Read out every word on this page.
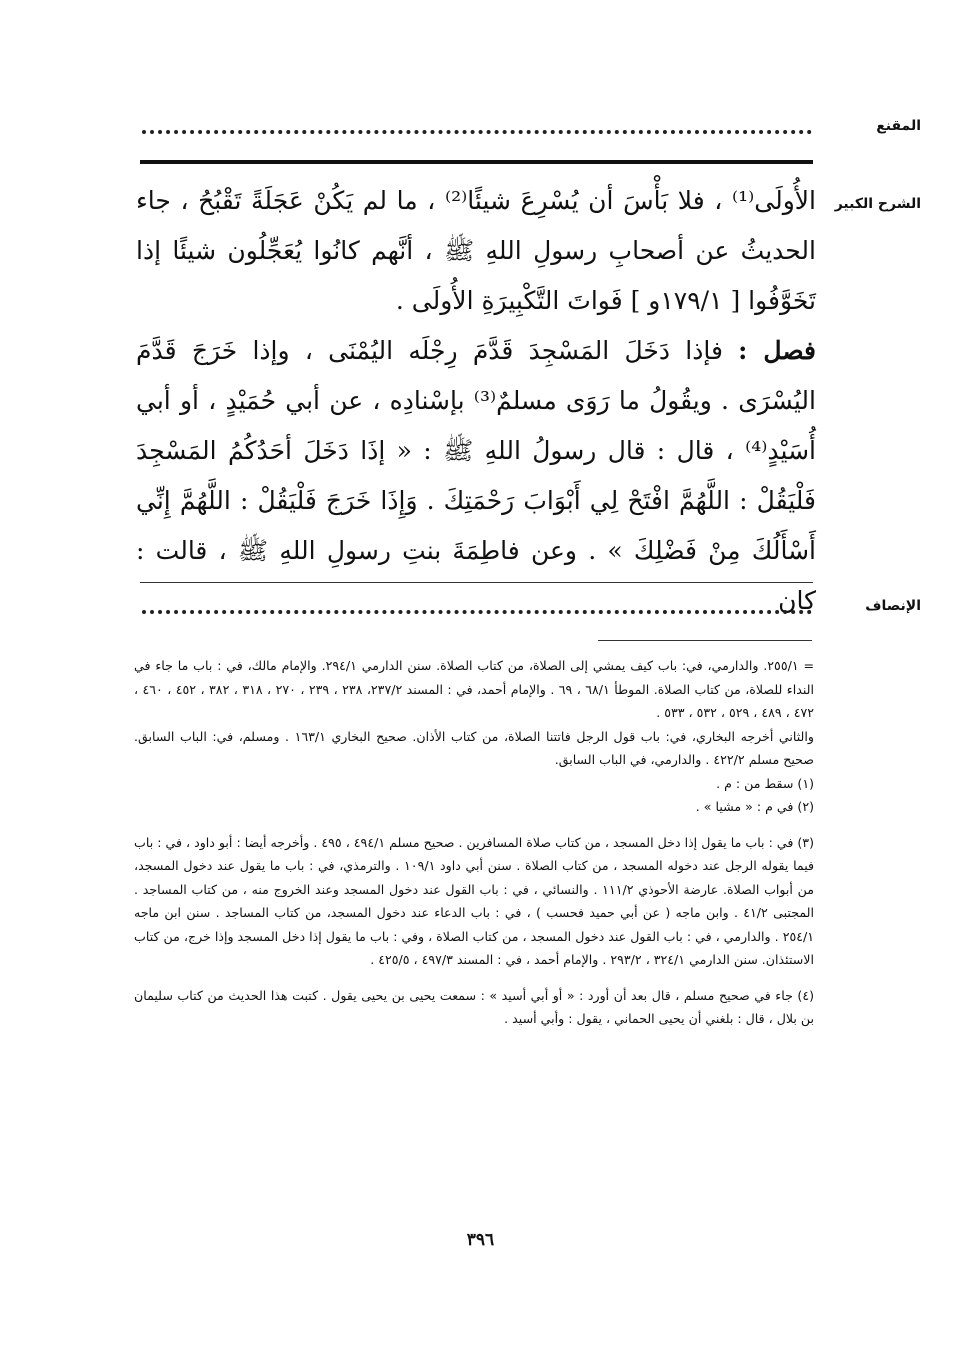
المقنع
الشرح الكبير

الأُولَى⁽¹⁾ ، فلا بَأْسَ أن يُسْرِعَ شيئًا⁽²⁾ ، ما لم يَكُنْ عَجَلَةً تَقْبُحُ ، جاء الحديثُ عن أصحابِ رسولِ اللهِ ﷺ ، أنَّهم كانُوا يُعَجِّلُون شيئًا إذا تَخَوَّفُوا [ ١٧٩/١و ] فَواتَ التَّكْبِيرَةِ الأُولَى .

فصل : فإذا دَخَلَ المَسْجِدَ قَدَّمَ رِجْلَه اليُمْنَى ، وإذا خَرَجَ قَدَّمَ اليُسْرَى . ويقُولُ ما رَوَى مسلمٌ⁽³⁾ بإسْنادِه ، عن أبي حُمَيْدٍ ، أو أبي أُسَيْدٍ⁽⁴⁾ ، قال : قال رسولُ اللهِ ﷺ : « إذَا دَخَلَ أحَدُكُمُ المَسْجِدَ فَلْيَقُلْ : اللَّهُمَّ افْتَحْ لِي أَبْوَابَ رَحْمَتِكَ . وَإِذَا خَرَجَ فَلْيَقُلْ : اللَّهُمَّ إِنِّي أَسْأَلُكَ مِنْ فَضْلِكَ » . وعن فاطِمَةَ بنتِ رسولِ اللهِ ﷺ ، قالت : كان	الإنصاف

= ٢٥٥/١. والدارمي، في: باب كيف يمشي إلى الصلاة، من كتاب الصلاة. سنن الدارمي ٢٩٤/١. والإمام مالك، في : باب ما جاء في النداء للصلاة، من كتاب الصلاة. الموطأ ٦٨/١ ، ٦٩ . والإمام أحمد، في : المسند ٢٣٧/٢، ٢٣٨ ، ٢٣٩ ، ٢٧٠ ، ٣١٨ ، ٣٨٢ ، ٤٥٢ ، ٤٦٠ ، ٤٧٢ ، ٤٨٩ ، ٥٢٩ ، ٥٣٢ ، ٥٣٣ .

والثاني أخرجه البخاري، في: باب قول الرجل فاتتنا الصلاة، من كتاب الأذان. صحيح البخاري ١٦٣/١ . ومسلم، في: الباب السابق. صحيح مسلم ٤٢٢/٢ . والدارمي، في الباب السابق.

(١) سقط من : م .

(٢) في م : « مشيا » .

(٣) في : باب ما يقول إذا دخل المسجد ، من كتاب صلاة المسافرين . صحيح مسلم ٤٩٤/١ ، ٤٩٥ . وأخرجه أيضا : أبو داود ، في : باب فيما يقوله الرجل عند دخوله المسجد ، من كتاب الصلاة . سنن أبي داود ١٠٩/١ . والترمذي، في : باب ما يقول عند دخول المسجد، من أبواب الصلاة. عارضة الأحوذي ١١١/٢ . والنسائي ، في : باب القول عند دخول المسجد وعند الخروج منه ، من كتاب المساجد . المجتبى ٤١/٢ . وابن ماجه ( عن أبي حميد فحسب ) ، في : باب الدعاء عند دخول المسجد، من كتاب المساجد . سنن ابن ماجه ٢٥٤/١ . والدارمي ، في : باب القول عند دخول المسجد ، من كتاب الصلاة ، وفي : باب ما يقول إذا دخل المسجد وإذا خرج، من كتاب الاستئذان. سنن الدارمي ٣٢٤/١ ، ٢٩٣/٢ . والإمام أحمد ، في : المسند ٤٩٧/٣ ، ٤٢٥/٥ .

(٤) جاء في صحيح مسلم ، قال بعد أن أورد : « أو أبي أسيد » : سمعت يحيى بن يحيى يقول . كتبت هذا الحديث من كتاب سليمان بن بلال ، قال : بلغني أن يحيى الحماني ، يقول : وأبي أسيد .

٣٩٦
